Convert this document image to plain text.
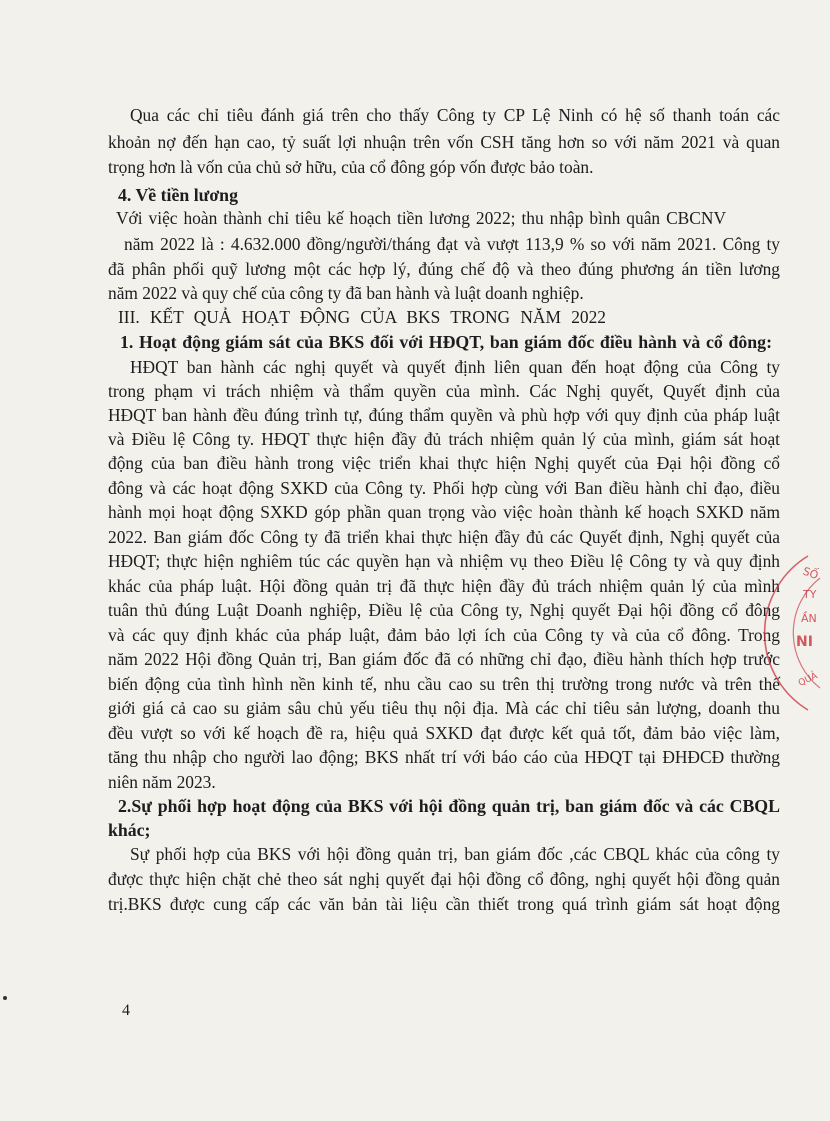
Qua các chỉ tiêu đánh giá trên cho thấy Công ty CP Lệ Ninh có hệ số thanh toán các
khoản nợ đến hạn cao, tỷ suất lợi nhuận trên vốn CSH tăng hơn so với năm 2021 và quan
trọng hơn là vốn của chủ sở hữu, của cổ đông góp vốn được bảo toàn.
4. Về tiền lương
Với việc hoàn thành chỉ tiêu kế hoạch tiền lương 2022; thu nhập bình quân CBCNV
năm 2022 là : 4.632.000 đồng/người/tháng đạt và vượt 113,9 % so với năm 2021. Công ty
đã phân phối quỹ lương một các hợp lý, đúng chế độ và theo đúng phương án tiền lương
năm 2022 và quy chế của công ty đã ban hành và luật doanh nghiệp.
III. KẾT QUẢ HOẠT ĐỘNG CỦA BKS TRONG NĂM 2022
1. Hoạt động giám sát của BKS đối với HĐQT, ban giám đốc điều hành và cổ đông:
HĐQT ban hành các nghị quyết và quyết định liên quan đến hoạt động của Công ty
trong phạm vi trách nhiệm và thẩm quyền của mình. Các Nghị quyết, Quyết định của
HĐQT ban hành đều đúng trình tự, đúng thẩm quyền và phù hợp với quy định của pháp luật
và Điều lệ Công ty. HĐQT thực hiện đầy đủ trách nhiệm quản lý của mình, giám sát hoạt
động của ban điều hành trong việc triển khai thực hiện Nghị quyết của Đại hội đồng cổ
đông và các hoạt động SXKD của Công ty. Phối hợp cùng với Ban điều hành chỉ đạo, điều
hành mọi hoạt động SXKD góp phần quan trọng vào việc hoàn thành kế hoạch SXKD năm
2022. Ban giám đốc Công ty đã triển khai thực hiện đầy đủ các Quyết định, Nghị quyết của
HĐQT; thực hiện nghiêm túc các quyền hạn và nhiệm vụ theo Điều lệ Công ty và quy định
khác của pháp luật. Hội đồng quản trị đã thực hiện đầy đủ trách nhiệm quản lý của mình
tuân thủ đúng Luật Doanh nghiệp, Điều lệ của Công ty, Nghị quyết Đại hội đồng cổ đông
và các quy định khác của pháp luật, đảm bảo lợi ích của Công ty và của cổ đông. Trong
năm 2022 Hội đồng Quản trị, Ban giám đốc đã có những chỉ đạo, điều hành thích hợp trước
biến động của tình hình nền kinh tế, nhu cầu cao su trên thị trường trong nước và trên thế
giới giá cả cao su giảm sâu chủ yếu tiêu thụ nội địa. Mà các chỉ tiêu sản lượng, doanh thu
đều vượt so với kế hoạch đề ra, hiệu quả SXKD đạt được kết quả tốt, đảm bảo việc làm,
tăng thu nhập cho người lao động; BKS nhất trí với báo cáo của HĐQT tại ĐHĐCĐ thường
niên năm 2023.
2.Sự phối hợp hoạt động của BKS với hội đồng quản trị, ban giám đốc và các CBQL
khác;
Sự phối hợp của BKS với hội đồng quản trị, ban giám đốc ,các CBQL khác của công ty
được thực hiện chặt chẻ theo sát nghị quyết đại hội đồng cổ đông, nghị quyết hội đồng quản
trị.BKS được cung cấp các văn bản tài liệu cần thiết trong quá trình giám sát hoạt động
4
SỐ
TY
ẦN
NI
QUẢ
